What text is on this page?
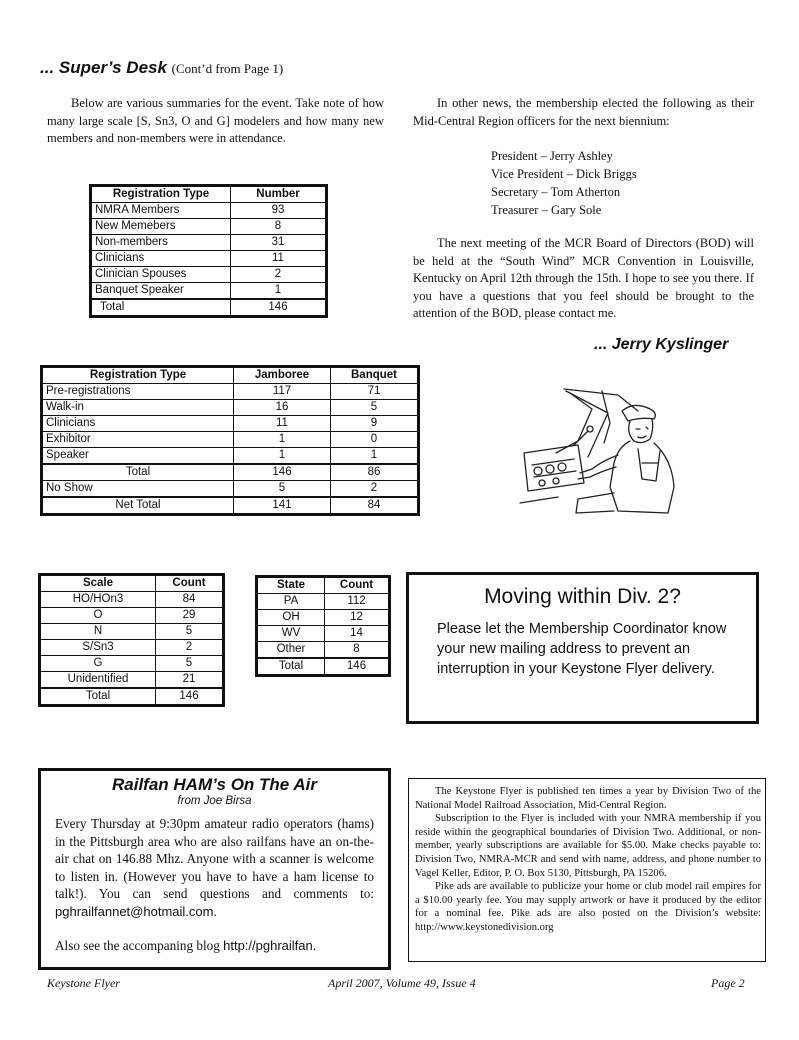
... Super’s Desk (Cont’d from Page 1)

Below are various summaries for the event. Take note of how many large scale [S, Sn3, O and G] modelers and how many new members and non-members were in attendance.

In other news, the membership elected the following as their Mid-Central Region officers for the next biennium:

President – Jerry Ashley
Vice President – Dick Briggs
Secretary – Tom Atherton
Treasurer – Gary Sole

The next meeting of the MCR Board of Directors (BOD) will be held at the “South Wind” MCR Convention in Louisville, Kentucky on April 12th through the 15th. I hope to see you there. If you have a questions that you feel should be brought to the attention of the BOD, please contact me.

... Jerry Kyslinger
Registration Type	Number
NMRA Members	93
New Memebers	8
Non-members	31
Clinicians	11
Clinician Spouses	2
Banquet Speaker	1
Total	146
Registration Type	Jamboree	Banquet
Pre-registrations	117	71
Walk-in	16	5
Clinicians	11	9
Exhibitor	1	0
Speaker	1	1
Total	146	86
No Show	5	2
Net Total	141	84
Scale	Count
HO/HOn3	84
O	29
N	5
S/Sn3	2
G	5
Unidentified	21
Total	146
State	Count
PA	112
OH	12
WV	14
Other	8
Total	146
Moving within Div. 2?
Please let the Membership Coordinator know your new mailing address to prevent an interruption in your Keystone Flyer delivery.
Railfan HAM’s On The Air
from Joe Birsa
Every Thursday at 9:30pm amateur radio operators (hams) in the Pittsburgh area who are also railfans have an on-the-air chat on 146.88 Mhz. Anyone with a scanner is welcome to listen in. (However you have to have a ham license to talk!). You can send questions and comments to: pghrailfannet@hotmail.com.
Also see the accompaning blog http://pghrailfan.

The Keystone Flyer is published ten times a year by Division Two of the National Model Railroad Association, Mid-Central Region.

Subscription to the Flyer is included with your NMRA membership if you reside within the geographical boundaries of Division Two. Additional, or non-member, yearly subscriptions are available for $5.00. Make checks payable to: Division Two, NMRA-MCR and send with name, address, and phone number to Vagel Keller, Editor, P. O. Box 5130, Pittsburgh, PA 15206.

Pike ads are available to publicize your home or club model rail empires for a $10.00 yearly fee. You may supply artwork or have it produced by the editor for a nominal fee. Pike ads are also posted on the Division’s website: http://www.keystonedivision.org

Keystone Flyer	April 2007, Volume 49, Issue 4	Page 2
